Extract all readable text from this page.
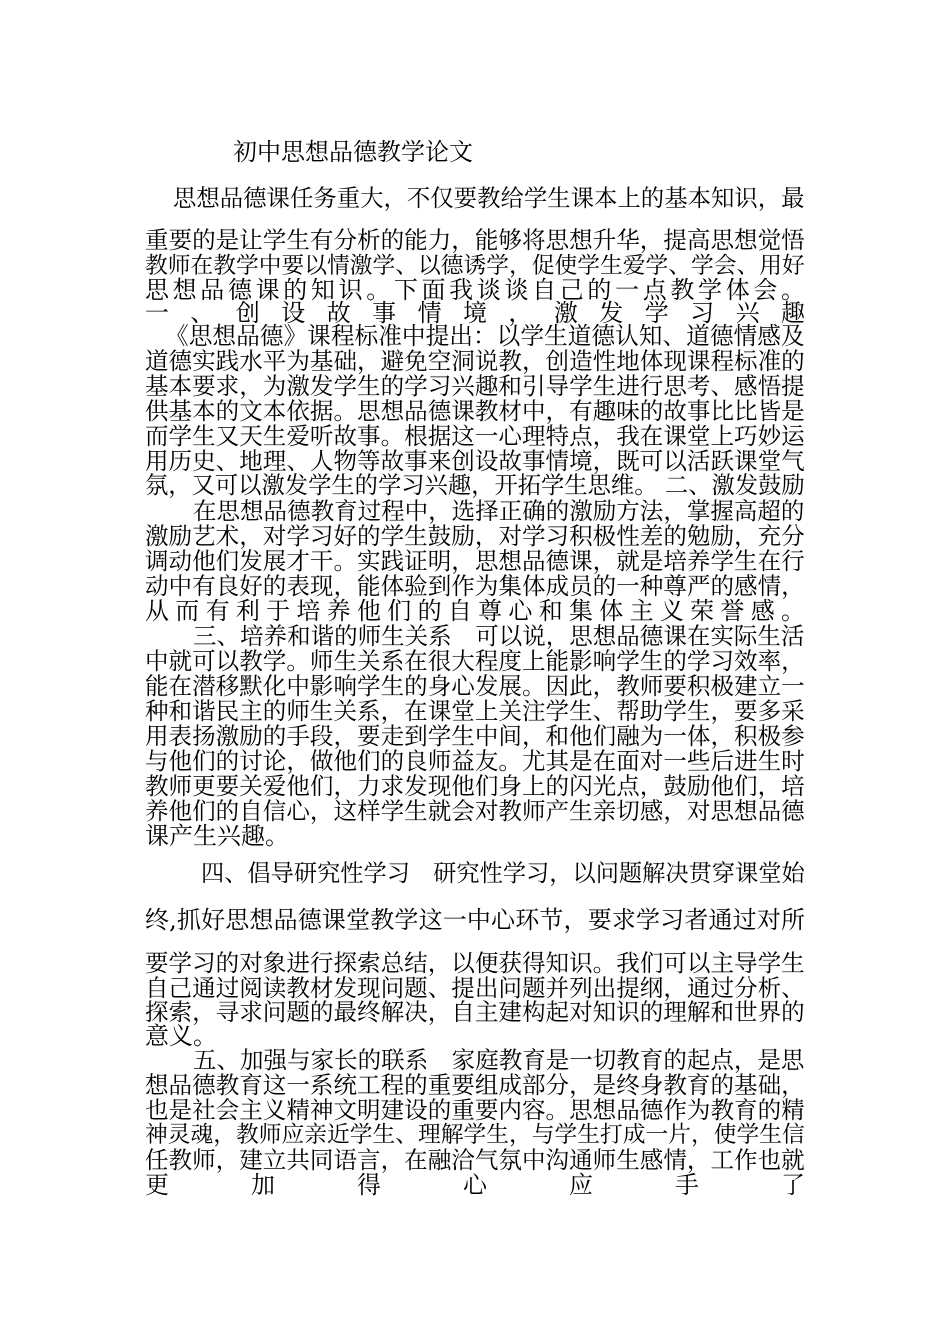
初中思想品德教学论文

思想品德课任务重大，不仅要教给学生课本上的基本知识，最

重要的是让学生有分析的能力，能够将思想升华，提高思想觉悟

教师在教学中要以情激学、以德诱学，促使学生爱学、学会、用好

思想品德课的知识。下面我谈谈自己的一点教学体会。

一、创设故事情境，激发学习兴趣

《思想品德》课程标准中提出：以学生道德认知、道德情感及

道德实践水平为基础，避免空洞说教，创造性地体现课程标准的

基本要求，为激发学生的学习兴趣和引导学生进行思考、感悟提

供基本的文本依据。思想品德课教材中，有趣味的故事比比皆是

而学生又天生爱听故事。根据这一心理特点，我在课堂上巧妙运

用历史、地理、人物等故事来创设故事情境，既可以活跃课堂气

氛，又可以激发学生的学习兴趣，开拓学生思维。 二、激发鼓励

在思想品德教育过程中，选择正确的激励方法，掌握高超的

激励艺术，对学习好的学生鼓励，对学习积极性差的勉励，充分

调动他们发展才干。实践证明，思想品德课，就是培养学生在行

动中有良好的表现，能体验到作为集体成员的一种尊严的感情，

从而有利于培养他们的自尊心和集体主义荣誉感。

三、培养和谐的师生关系　可以说，思想品德课在实际生活

中就可以教学。师生关系在很大程度上能影响学生的学习效率，

能在潜移默化中影响学生的身心发展。因此，教师要积极建立一

种和谐民主的师生关系，在课堂上关注学生、帮助学生，要多采

用表扬激励的手段，要走到学生中间，和他们融为一体，积极参

与他们的讨论，做他们的良师益友。尤其是在面对一些后进生时

教师更要关爱他们，力求发现他们身上的闪光点，鼓励他们，培

养他们的自信心，这样学生就会对教师产生亲切感，对思想品德

课产生兴趣。

四、倡导研究性学习　研究性学习，以问题解决贯穿课堂始

终,抓好思想品德课堂教学这一中心环节，要求学习者通过对所

要学习的对象进行探索总结，以便获得知识。我们可以主导学生

自己通过阅读教材发现问题、提出问题并列出提纲，通过分析、

探索，寻求问题的最终解决，自主建构起对知识的理解和世界的

意义。

五、加强与家长的联系　家庭教育是一切教育的起点，是思

想品德教育这一系统工程的重要组成部分，是终身教育的基础，

也是社会主义精神文明建设的重要内容。思想品德作为教育的精

神灵魂，教师应亲近学生、理解学生，与学生打成一片，使学生信

任教师，建立共同语言，在融洽气氛中沟通师生感情，工作也就

更加得心应手了
